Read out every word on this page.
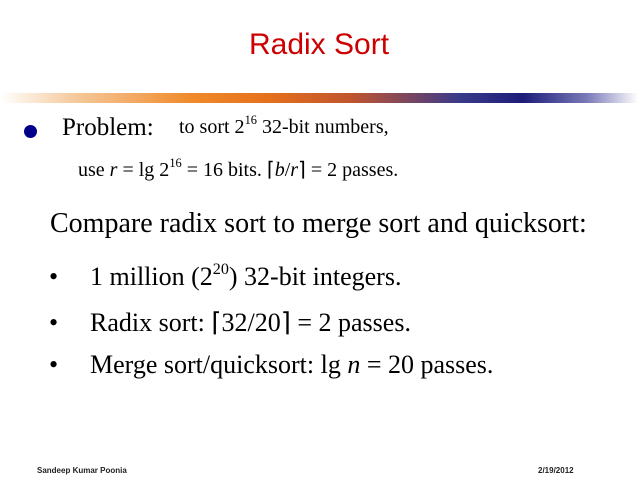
Radix Sort
Problem: to sort $2^{16}$ 32-bit numbers,
use $r = \lg 2^{16} = 16$ bits. ⌈b/r⌉ = 2 passes.
Compare radix sort to merge sort and quicksort:
• 1 million $(2^{20})$ 32-bit integers.
• Radix sort: ⌈32/20⌉ = 2 passes.
• Merge sort/quicksort: lg n = 20 passes.
Sandeep Kumar Poonia	2/19/2012
